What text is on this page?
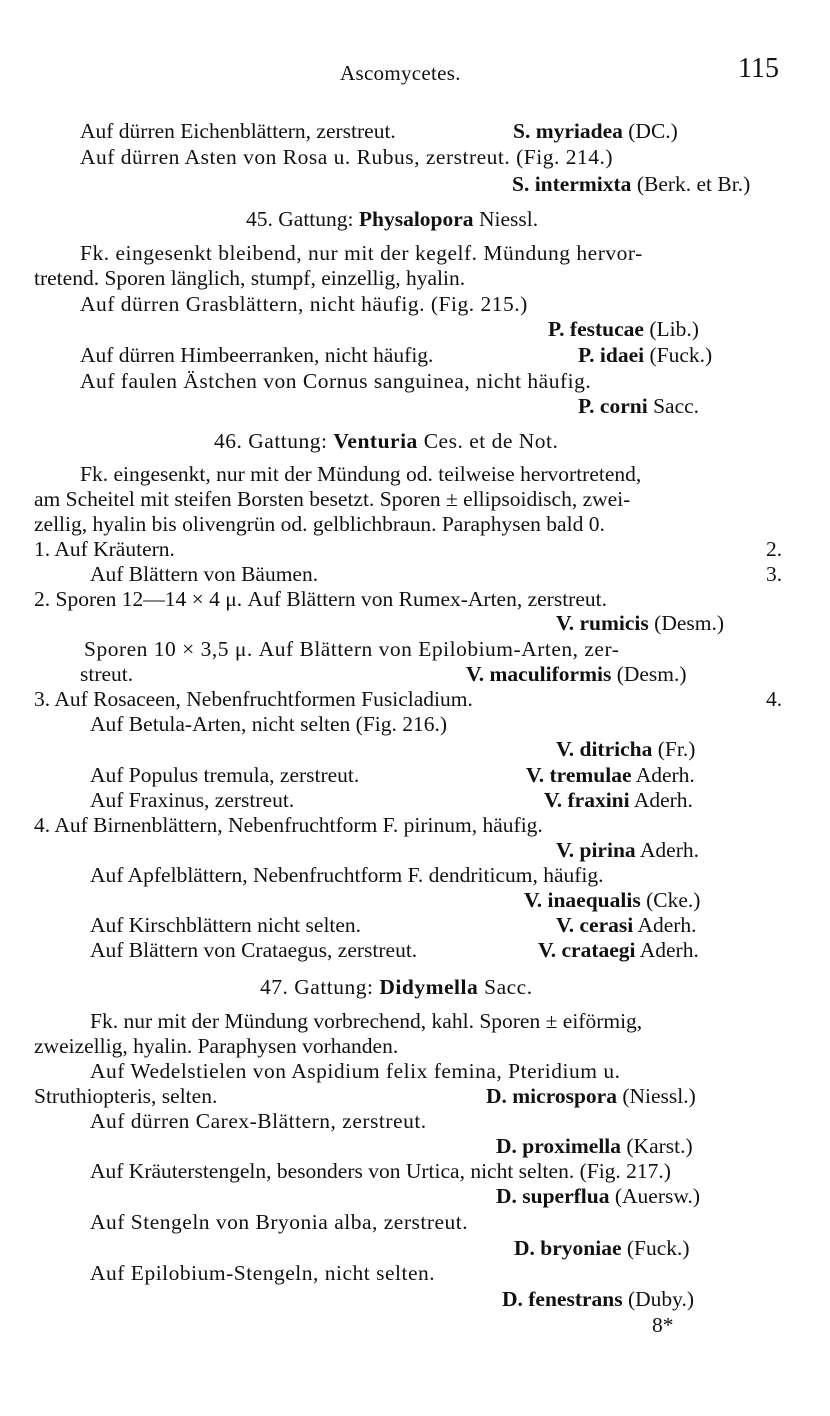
Ascomycetes.	115
Auf dürren Eichenblättern, zerstreut.	S. myriadea (DC.)
Auf dürren Asten von Rosa u. Rubus, zerstreut. (Fig. 214.)
S. intermixta (Berk. et Br.)
45. Gattung: Physalopora Niessl.
Fk. eingesenkt bleibend, nur mit der kegelf. Mündung hervor-
tretend. Sporen länglich, stumpf, einzellig, hyalin.
Auf dürren Grasblättern, nicht häufig. (Fig. 215.)
P. festucae (Lib.)
Auf dürren Himbeerranken, nicht häufig.	P. idaei (Fuck.)
Auf faulen Ästchen von Cornus sanguinea, nicht häufig.
P. corni Sacc.
46. Gattung: Venturia Ces. et de Not.
Fk. eingesenkt, nur mit der Mündung od. teilweise hervortretend,
am Scheitel mit steifen Borsten besetzt. Sporen ± ellipsoidisch, zwei-
zellig, hyalin bis olivengrün od. gelblichbraun. Paraphysen bald 0.
1. Auf Kräutern.	2.
Auf Blättern von Bäumen.	3.
2. Sporen 12—14 × 4 μ. Auf Blättern von Rumex-Arten, zerstreut.
V. rumicis (Desm.)
Sporen 10 × 3,5 μ. Auf Blättern von Epilobium-Arten, zer-
streut.	V. maculiformis (Desm.)
3. Auf Rosaceen, Nebenfruchtformen Fusicladium.	4.
Auf Betula-Arten, nicht selten (Fig. 216.)
V. ditricha (Fr.)
Auf Populus tremula, zerstreut.	V. tremulae Aderh.
Auf Fraxinus, zerstreut.	V. fraxini Aderh.
4. Auf Birnenblättern, Nebenfruchtform F. pirinum, häufig.
V. pirina Aderh.
Auf Apfelblättern, Nebenfruchtform F. dendriticum, häufig.
V. inaequalis (Cke.)
Auf Kirschblättern nicht selten.	V. cerasi Aderh.
Auf Blättern von Crataegus, zerstreut.	V. crataegi Aderh.
47. Gattung: Didymella Sacc.
Fk. nur mit der Mündung vorbrechend, kahl. Sporen ± eiförmig,
zweizellig, hyalin. Paraphysen vorhanden.
Auf Wedelstielen von Aspidium felix femina, Pteridium u.
Struthiopteris, selten.	D. microspora (Niessl.)
Auf dürren Carex-Blättern, zerstreut.
D. proximella (Karst.)
Auf Kräuterstengeln, besonders von Urtica, nicht selten. (Fig. 217.)
D. superflua (Auersw.)
Auf Stengeln von Bryonia alba, zerstreut.
D. bryoniae (Fuck.)
Auf Epilobium-Stengeln, nicht selten.
D. fenestrans (Duby.)
8*
